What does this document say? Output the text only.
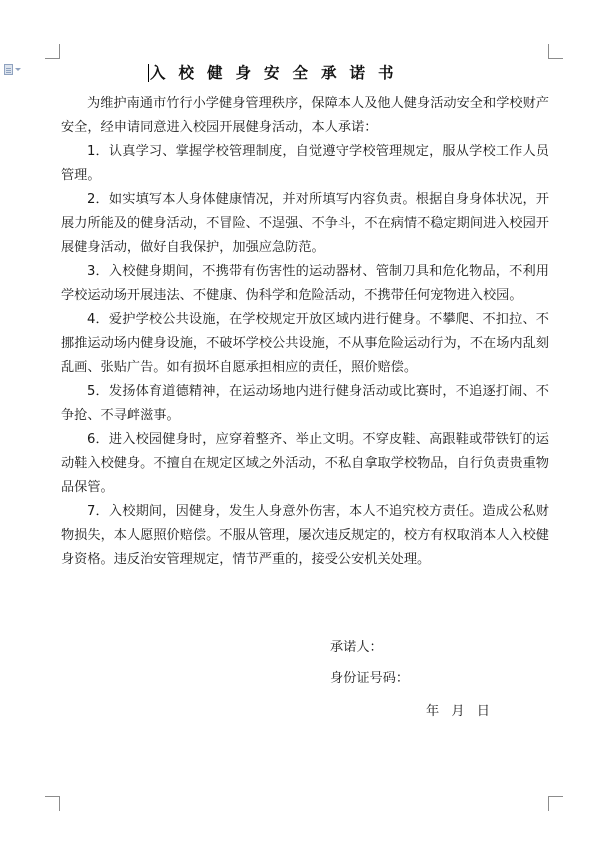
入校健身安全承诺书

为维护南通市竹行小学健身管理秩序，保障本人及他人健身活动安全和学校财产安全，经申请同意进入校园开展健身活动，本人承诺：

1．认真学习、掌握学校管理制度，自觉遵守学校管理规定，服从学校工作人员管理。

2．如实填写本人身体健康情况，并对所填写内容负责。根据自身身体状况，开展力所能及的健身活动，不冒险、不逞强、不争斗，不在病情不稳定期间进入校园开展健身活动，做好自我保护，加强应急防范。

3．入校健身期间，不携带有伤害性的运动器材、管制刀具和危化物品，不利用学校运动场开展违法、不健康、伪科学和危险活动，不携带任何宠物进入校园。

4．爱护学校公共设施，在学校规定开放区域内进行健身。不攀爬、不扣拉、不挪推运动场内健身设施，不破坏学校公共设施，不从事危险运动行为，不在场内乱刻乱画、张贴广告。如有损坏自愿承担相应的责任，照价赔偿。

5．发扬体育道德精神，在运动场地内进行健身活动或比赛时，不追逐打闹、不争抢、不寻衅滋事。

6．进入校园健身时，应穿着整齐、举止文明。不穿皮鞋、高跟鞋或带铁钉的运动鞋入校健身。不擅自在规定区域之外活动，不私自拿取学校物品，自行负责贵重物品保管。

7．入校期间，因健身，发生人身意外伤害，本人不追究校方责任。造成公私财物损失，本人愿照价赔偿。不服从管理，屡次违反规定的，校方有权取消本人入校健身资格。违反治安管理规定，情节严重的，接受公安机关处理。

承诺人：
身份证号码：
年 月 日
